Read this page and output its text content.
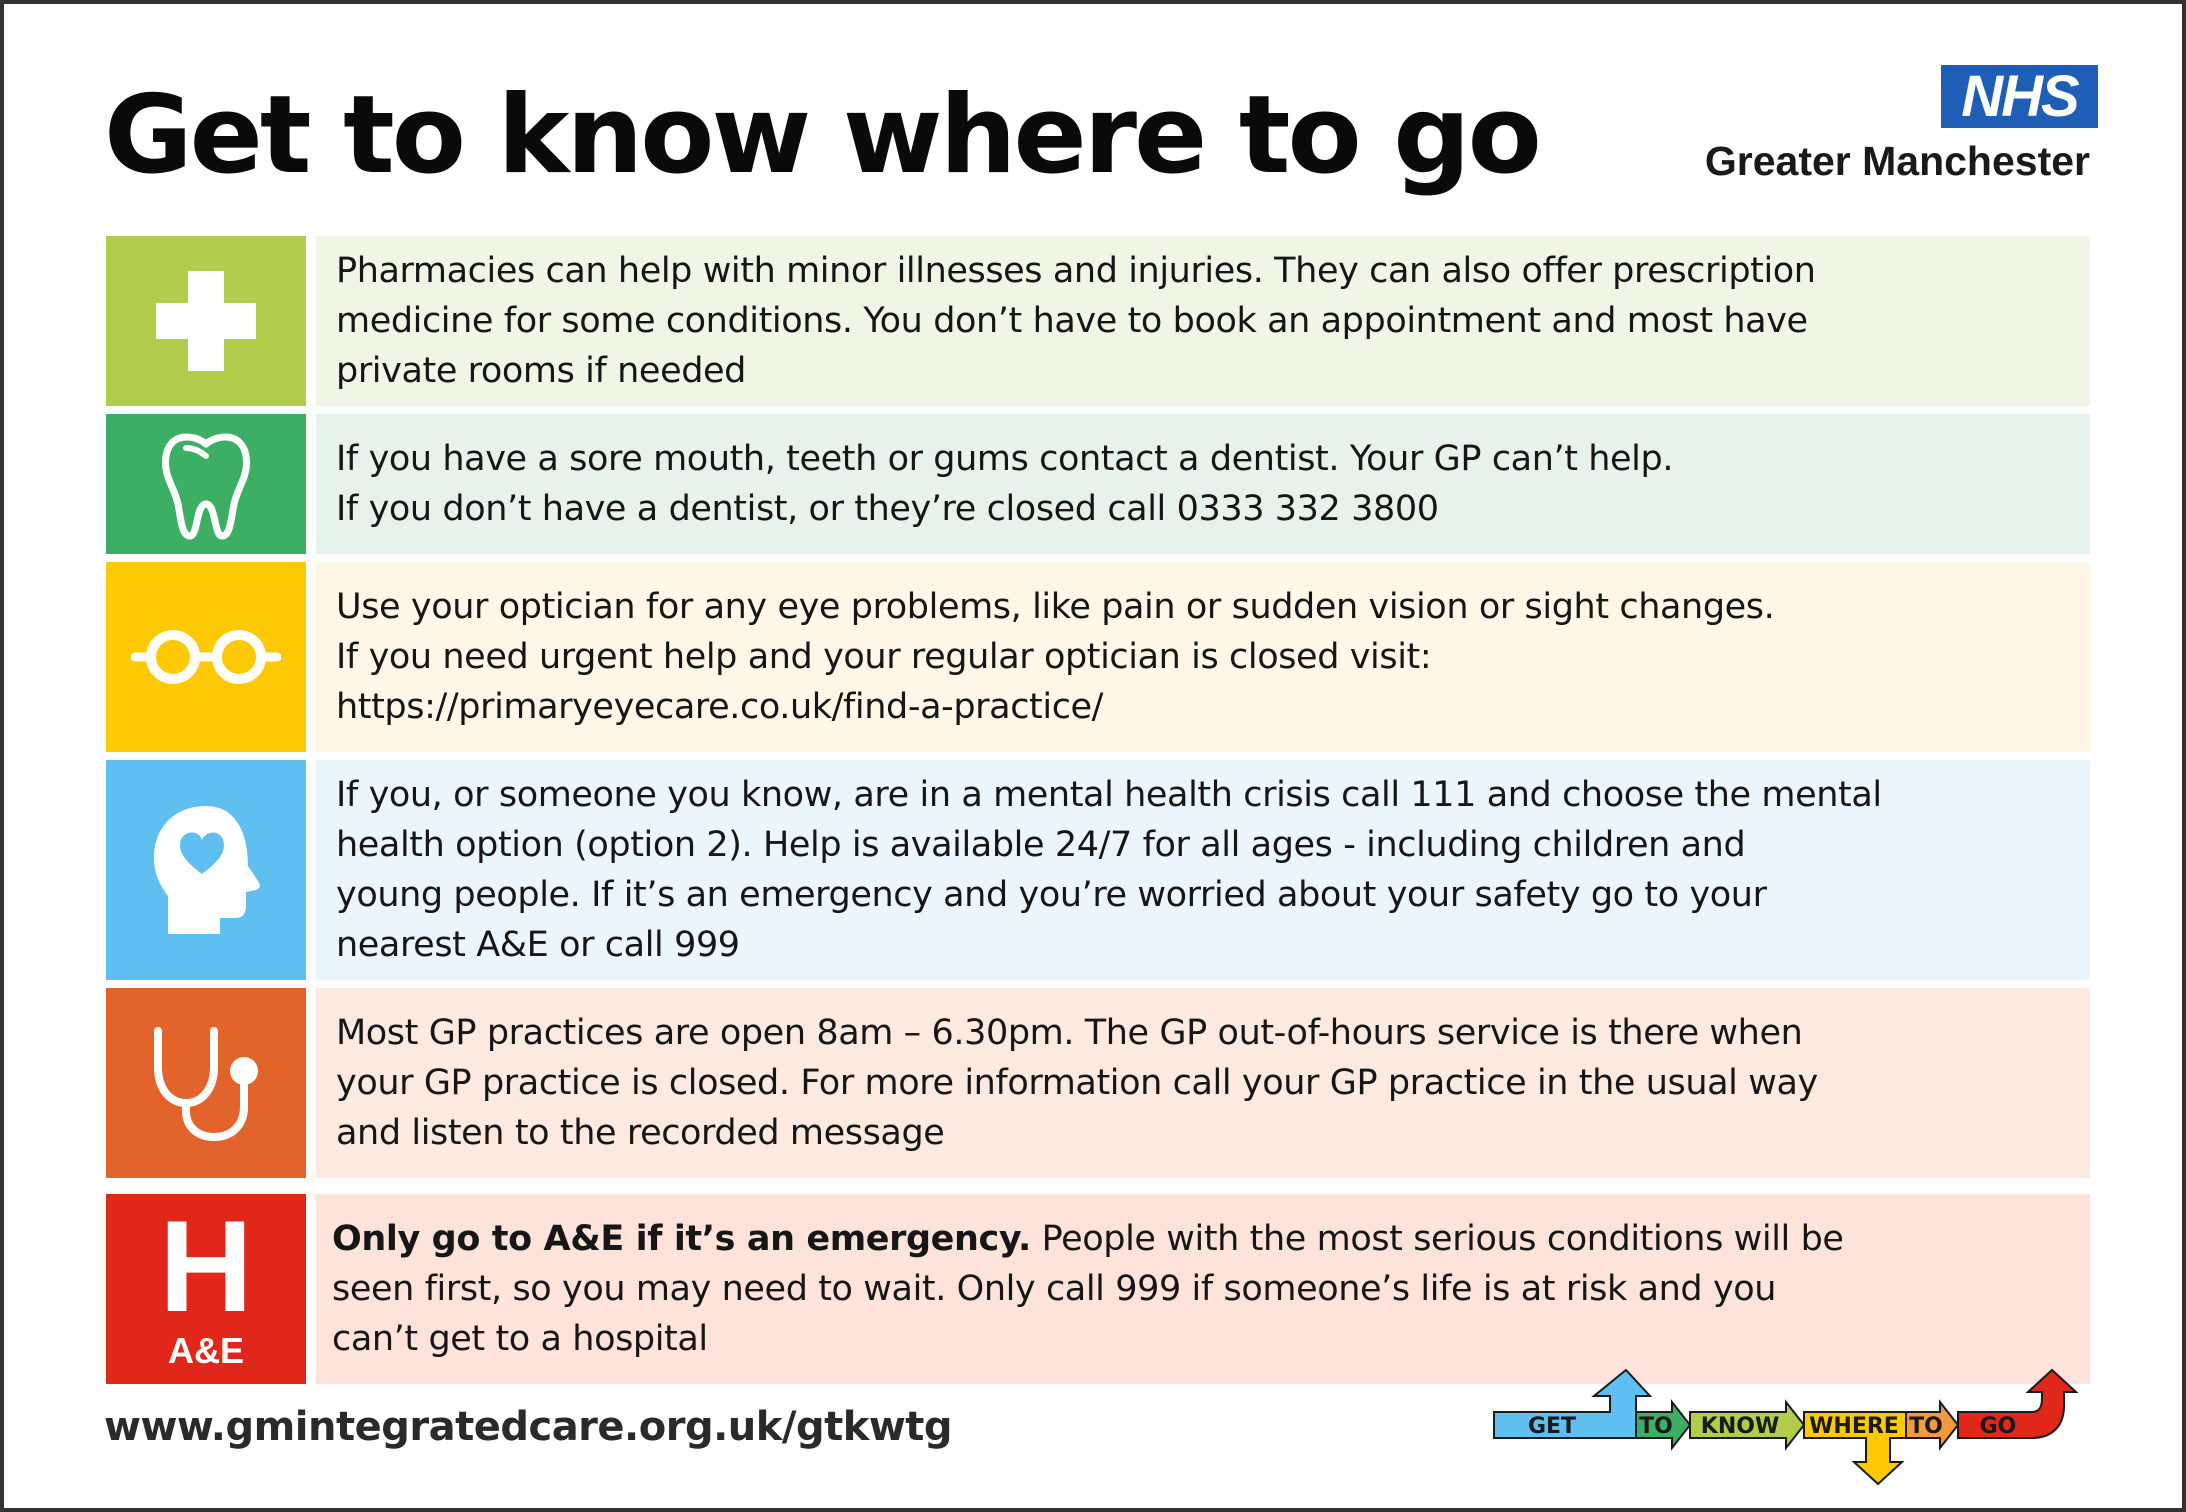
Get to know where to go	NHS
Greater Manchester

Pharmacies can help with minor illnesses and injuries. They can also offer prescription

medicine for some conditions. You don’t have to book an appointment and most have

private rooms if needed

If you have a sore mouth, teeth or gums contact a dentist. Your GP can’t help.

If you don’t have a dentist, or they’re closed call 0333 332 3800

Use your optician for any eye problems, like pain or sudden vision or sight changes.

If you need urgent help and your regular optician is closed visit:

https://primaryeyecare.co.uk/find-a-practice/

If you, or someone you know, are in a mental health crisis call 111 and choose the mental

health option (option 2). Help is available 24/7 for all ages - including children and

young people. If it’s an emergency and you’re worried about your safety go to your

nearest A&E or call 999

Most GP practices are open 8am – 6.30pm. The GP out-of-hours service is there when

your GP practice is closed. For more information call your GP practice in the usual way

and listen to the recorded message

H
A&E

Only go to A&E if it’s an emergency. People with the most serious conditions will be

seen first, so you may need to wait. Only call 999 if someone’s life is at risk and you

can’t get to a hospital

www.gmintegratedcare.org.uk/gtkwtg	GET	TO KNOW WHERE TO GO
